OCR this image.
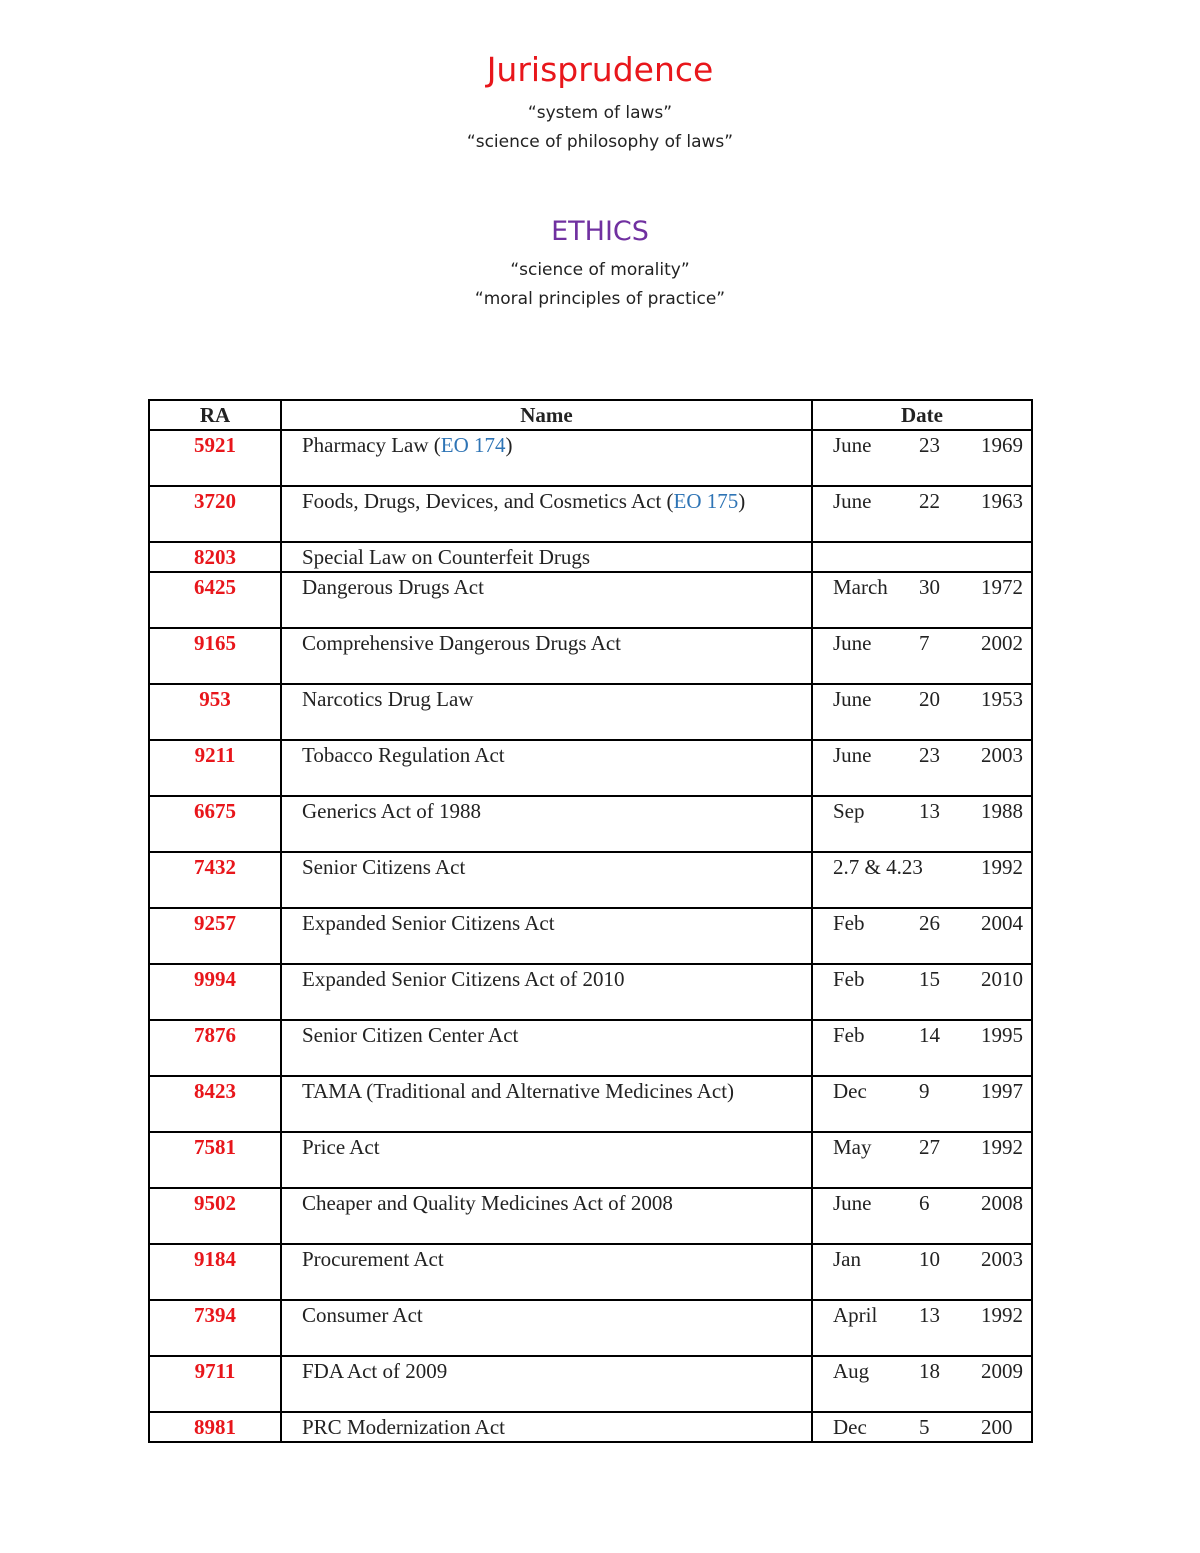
Jurisprudence
“system of laws”
“science of philosophy of laws”
ETHICS
“science of morality”
“moral principles of practice”
RA	Name	Date
5921	Pharmacy Law (EO 174)	June 23 1969

3720	Foods, Drugs, Devices, and Cosmetics Act (EO 175)	June 22 1963

8203	Special Law on Counterfeit Drugs	

6425	Dangerous Drugs Act	March 30 1972

9165	Comprehensive Dangerous Drugs Act	June 7 2002

953	Narcotics Drug Law	June 20 1953

9211	Tobacco Regulation Act	June 23 2003

6675	Generics Act of 1988	Sep 13 1988

7432	Senior Citizens Act	2.7 & 4.23 1992

9257	Expanded Senior Citizens Act	Feb 26 2004

9994	Expanded Senior Citizens Act of 2010	Feb 15 2010

7876	Senior Citizen Center Act	Feb 14 1995

8423	TAMA (Traditional and Alternative Medicines Act)	Dec 9 1997

7581	Price Act	May 27 1992

9502	Cheaper and Quality Medicines Act of 2008	June 6 2008

9184	Procurement Act	Jan 10 2003

7394	Consumer Act	April 13 1992

9711	FDA Act of 2009	Aug 18 2009

8981	PRC Modernization Act	Dec 5 200
